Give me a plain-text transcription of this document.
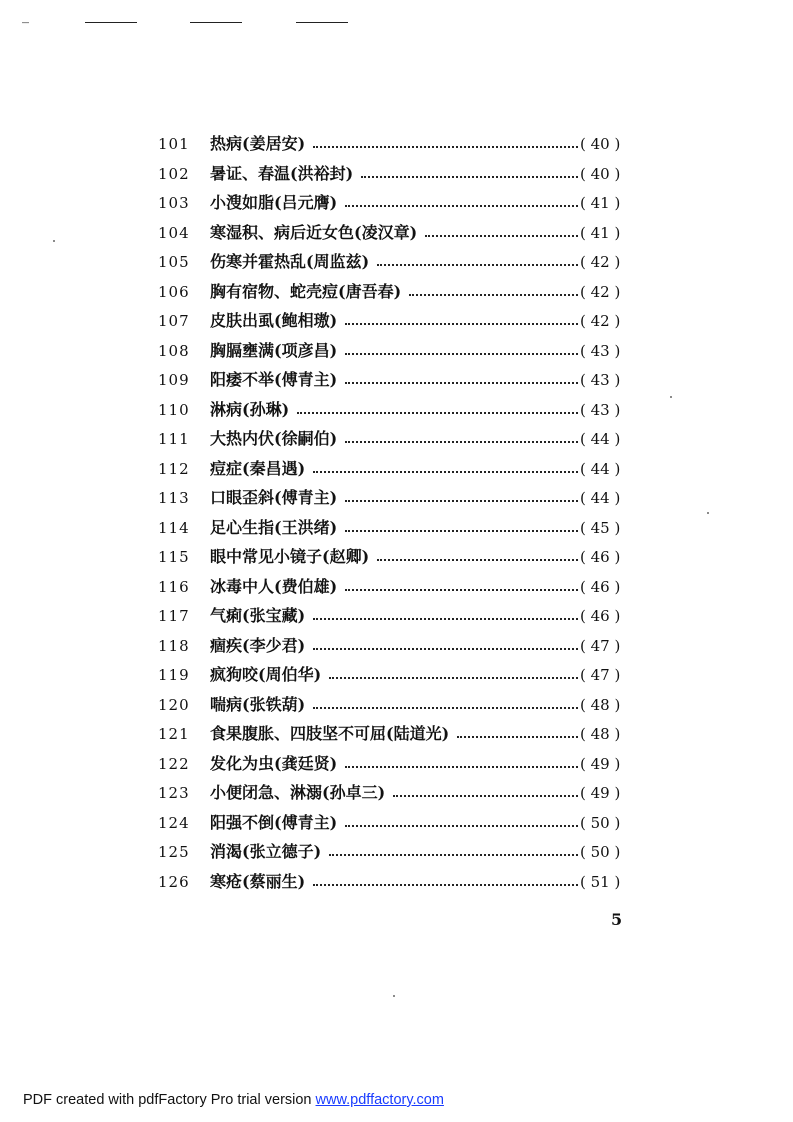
_
101	热病(姜居安)	( 40 )
102	暑证、春温(洪裕封)	( 40 )
103	小溲如脂(吕元膺)	( 41 )
104	寒湿积、病后近女色(凌汉章)	( 41 )
105	伤寒并霍热乱(周监兹)	( 42 )
106	胸有宿物、蛇壳痘(唐吾春)	( 42 )
107	皮肤出虱(鲍相璈)	( 42 )
108	胸膈壅满(项彦昌)	( 43 )
109	阳痿不举(傅青主)	( 43 )
110	淋病(孙琳)	( 43 )
111	大热内伏(徐嗣伯)	( 44 )
112	痘症(秦昌遇)	( 44 )
113	口眼歪斜(傅青主)	( 44 )
114	足心生指(王洪绪)	( 45 )
115	眼中常见小镜子(赵卿)	( 46 )
116	冰毒中人(费伯雄)	( 46 )
117	气痢(张宝藏)	( 46 )
118	痼疾(李少君)	( 47 )
119	疯狗咬(周伯华)	( 47 )
120	喘病(张铁葫)	( 48 )
121	食果腹胀、四肢坚不可屈(陆道光)	( 48 )
122	发化为虫(龚廷贤)	( 49 )
123	小便闭急、淋溺(孙卓三)	( 49 )
124	阳强不倒(傅青主)	( 50 )
125	消渴(张立德子)	( 50 )
126	寒疮(蔡丽生)	( 51 )
5
PDF created with pdfFactory Pro trial version www.pdffactory.com
